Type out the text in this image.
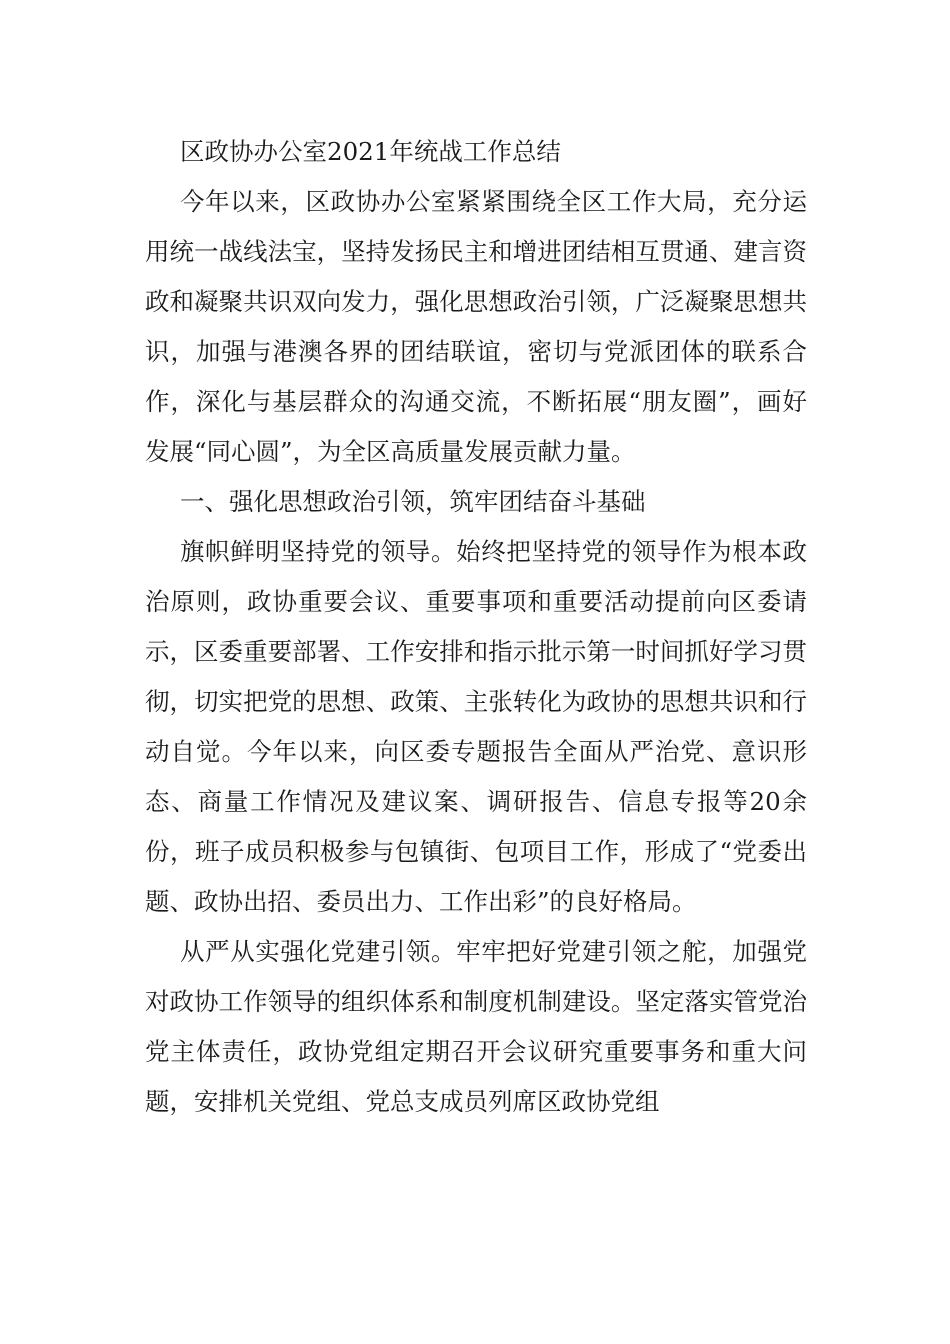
区政协办公室2021年统战工作总结

今年以来，区政协办公室紧紧围绕全区工作大局，充分运用统一战线法宝，坚持发扬民主和增进团结相互贯通、建言资政和凝聚共识双向发力，强化思想政治引领，广泛凝聚思想共识，加强与港澳各界的团结联谊，密切与党派团体的联系合作，深化与基层群众的沟通交流，不断拓展“朋友圈”，画好发展“同心圆”，为全区高质量发展贡献力量。

一、强化思想政治引领，筑牢团结奋斗基础

旗帜鲜明坚持党的领导。始终把坚持党的领导作为根本政治原则，政协重要会议、重要事项和重要活动提前向区委请示，区委重要部署、工作安排和指示批示第一时间抓好学习贯彻，切实把党的思想、政策、主张转化为政协的思想共识和行动自觉。今年以来，向区委专题报告全面从严治党、意识形态、商量工作情况及建议案、调研报告、信息专报等20余份，班子成员积极参与包镇街、包项目工作，形成了“党委出题、政协出招、委员出力、工作出彩”的良好格局。

从严从实强化党建引领。牢牢把好党建引领之舵，加强党对政协工作领导的组织体系和制度机制建设。坚定落实管党治党主体责任，政协党组定期召开会议研究重要事务和重大问题，安排机关党组、党总支成员列席区政协党组
